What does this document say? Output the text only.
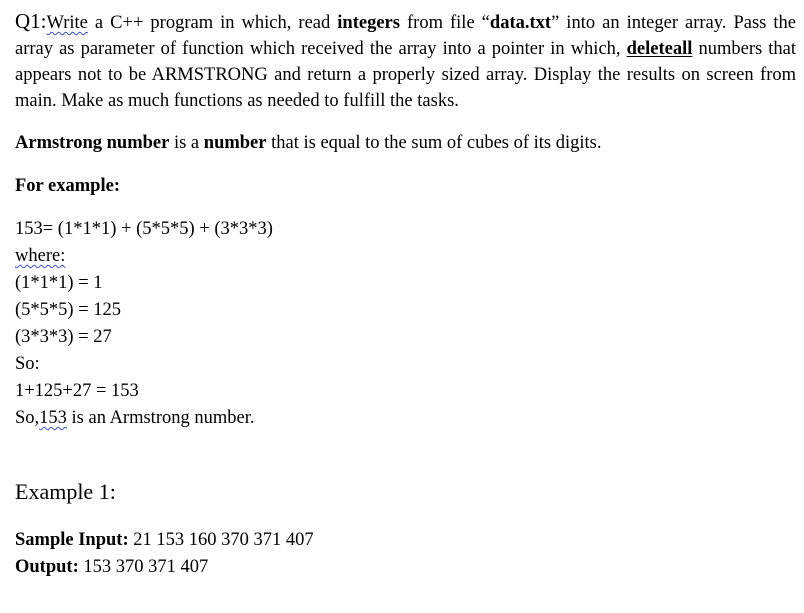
Q1:Write a C++ program in which, read integers from file “data.txt” into an integer array. Pass the array as parameter of function which received the array into a pointer in which, deleteall numbers that appears not to be ARMSTRONG and return a properly sized array. Display the results on screen from main. Make as much functions as needed to fulfill the tasks.

Armstrong number is a number that is equal to the sum of cubes of its digits.

For example:

153= (1*1*1) + (5*5*5) + (3*3*3)

where:

(1*1*1) = 1

(5*5*5) = 125

(3*3*3) = 27

So:

1+125+27 = 153

So,153 is an Armstrong number.

Example 1:

Sample Input: 21 153 160 370 371 407

Output: 153 370 371 407
